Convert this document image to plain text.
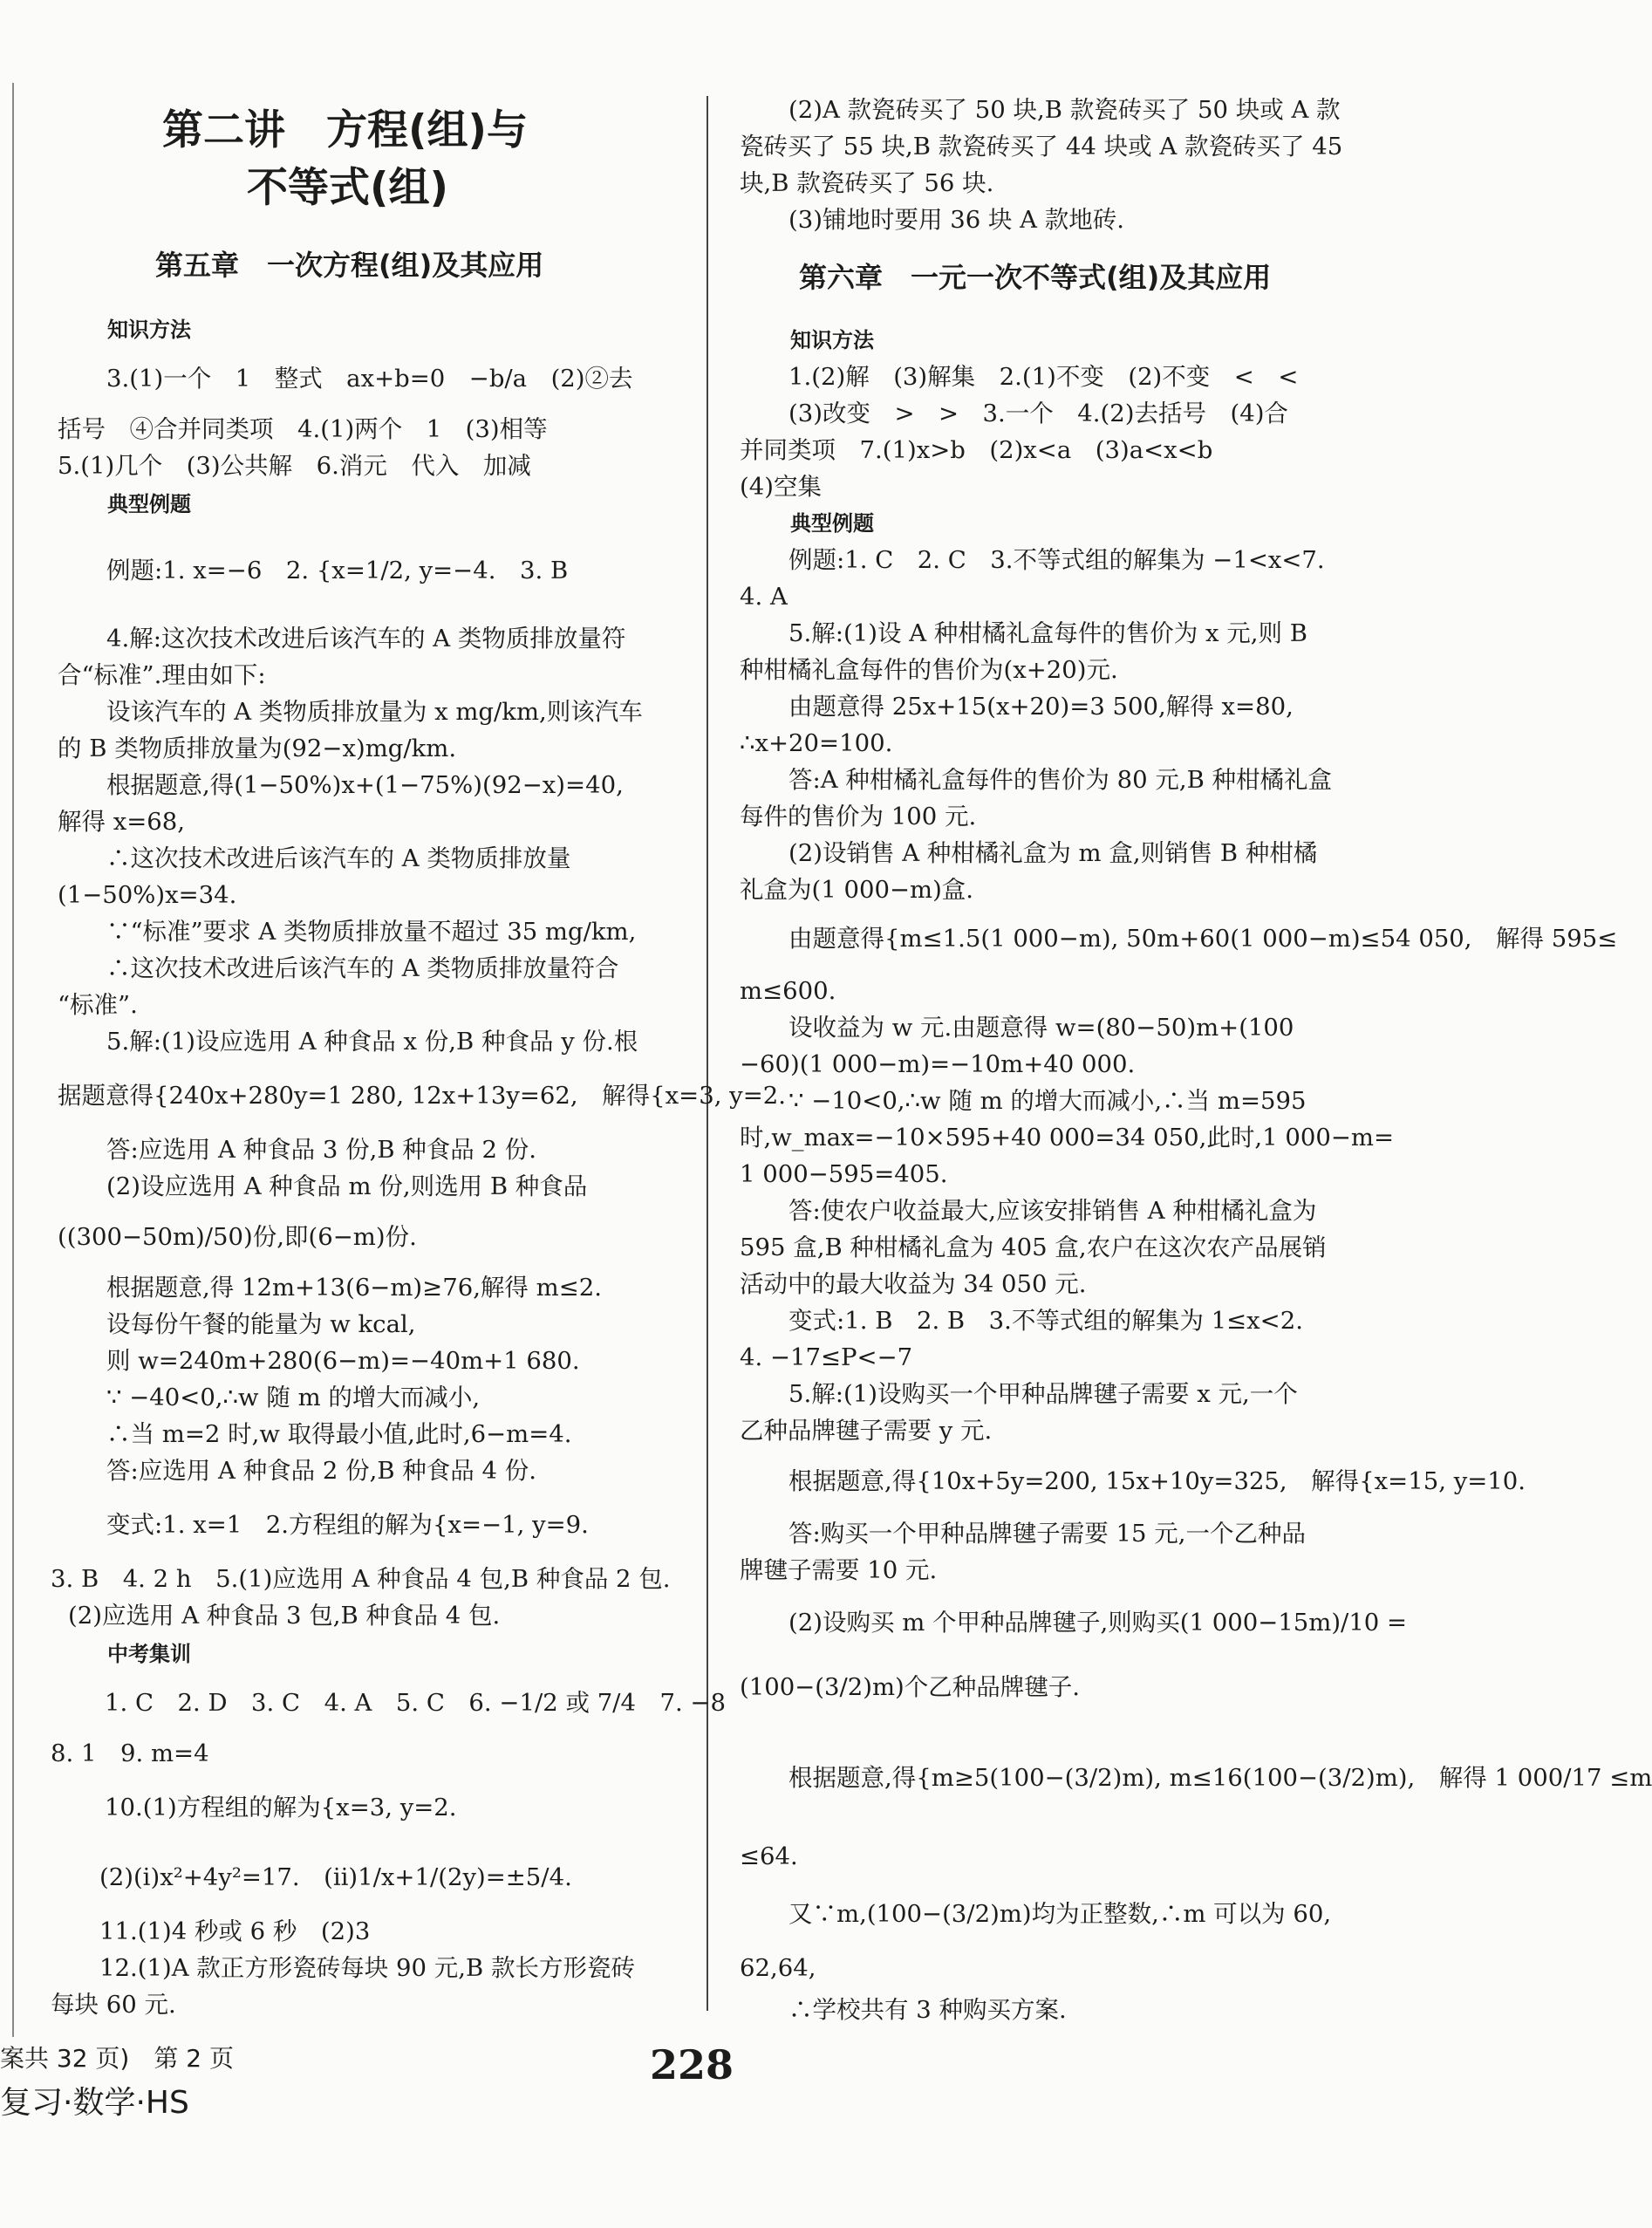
第二讲　方程(组)与
不等式(组)
第五章　一次方程(组)及其应用
知识方法
3.(1)一个　1　整式　ax+b=0　−b/a　(2)②去
括号　④合并同类项　4.(1)两个　1　(3)相等
5.(1)几个　(3)公共解　6.消元　代入　加减
典型例题
例题:1. x=−6　2. {x=1/2, y=−4.　3. B
4.解:这次技术改进后该汽车的 A 类物质排放量符
合“标准”.理由如下:
设该汽车的 A 类物质排放量为 x mg/km,则该汽车
的 B 类物质排放量为(92−x)mg/km.
根据题意,得(1−50%)x+(1−75%)(92−x)=40,
解得 x=68,
∴这次技术改进后该汽车的 A 类物质排放量
(1−50%)x=34.
∵“标准”要求 A 类物质排放量不超过 35 mg/km,
∴这次技术改进后该汽车的 A 类物质排放量符合
“标准”.
5.解:(1)设应选用 A 种食品 x 份,B 种食品 y 份.根
据题意得{240x+280y=1 280, 12x+13y=62,　解得{x=3, y=2.
答:应选用 A 种食品 3 份,B 种食品 2 份.
(2)设应选用 A 种食品 m 份,则选用 B 种食品
((300−50m)/50)份,即(6−m)份.
根据题意,得 12m+13(6−m)≥76,解得 m≤2.
设每份午餐的能量为 w kcal,
则 w=240m+280(6−m)=−40m+1 680.
∵ −40<0,∴w 随 m 的增大而减小,
∴当 m=2 时,w 取得最小值,此时,6−m=4.
答:应选用 A 种食品 2 份,B 种食品 4 份.
变式:1. x=1　2.方程组的解为{x=−1, y=9.
3. B　4. 2 h　5.(1)应选用 A 种食品 4 包,B 种食品 2 包.
(2)应选用 A 种食品 3 包,B 种食品 4 包.
中考集训
1. C　2. D　3. C　4. A　5. C　6. −1/2 或 7/4　7. −8
8. 1　9. m=4
10.(1)方程组的解为{x=3, y=2.
(2)(ⅰ)x²+4y²=17.　(ⅱ)1/x+1/(2y)=±5/4.
11.(1)4 秒或 6 秒　(2)3
12.(1)A 款正方形瓷砖每块 90 元,B 款长方形瓷砖
每块 60 元.
(2)A 款瓷砖买了 50 块,B 款瓷砖买了 50 块或 A 款
瓷砖买了 55 块,B 款瓷砖买了 44 块或 A 款瓷砖买了 45
块,B 款瓷砖买了 56 块.
(3)铺地时要用 36 块 A 款地砖.
第六章　一元一次不等式(组)及其应用
知识方法
1.(2)解　(3)解集　2.(1)不变　(2)不变　<　<
(3)改变　>　>　3.一个　4.(2)去括号　(4)合
并同类项　7.(1)x>b　(2)x<a　(3)a<x<b
(4)空集
典型例题
例题:1. C　2. C　3.不等式组的解集为 −1<x<7.
4. A
5.解:(1)设 A 种柑橘礼盒每件的售价为 x 元,则 B
种柑橘礼盒每件的售价为(x+20)元.
由题意得 25x+15(x+20)=3 500,解得 x=80,
∴x+20=100.
答:A 种柑橘礼盒每件的售价为 80 元,B 种柑橘礼盒
每件的售价为 100 元.
(2)设销售 A 种柑橘礼盒为 m 盒,则销售 B 种柑橘
礼盒为(1 000−m)盒.
由题意得{m≤1.5(1 000−m), 50m+60(1 000−m)≤54 050,　解得 595≤
m≤600.
设收益为 w 元.由题意得 w=(80−50)m+(100
−60)(1 000−m)=−10m+40 000.
∵ −10<0,∴w 随 m 的增大而减小,∴当 m=595
时,w_max=−10×595+40 000=34 050,此时,1 000−m=
1 000−595=405.
答:使农户收益最大,应该安排销售 A 种柑橘礼盒为
595 盒,B 种柑橘礼盒为 405 盒,农户在这次农产品展销
活动中的最大收益为 34 050 元.
变式:1. B　2. B　3.不等式组的解集为 1≤x<2.
4. −17≤P<−7
5.解:(1)设购买一个甲种品牌毽子需要 x 元,一个
乙种品牌毽子需要 y 元.
根据题意,得{10x+5y=200, 15x+10y=325,　解得{x=15, y=10.
答:购买一个甲种品牌毽子需要 15 元,一个乙种品
牌毽子需要 10 元.
(2)设购买 m 个甲种品牌毽子,则购买(1 000−15m)/10 =
(100−(3/2)m)个乙种品牌毽子.
根据题意,得{m≥5(100−(3/2)m), m≤16(100−(3/2)m),　解得 1 000/17 ≤m
≤64.
又∵m,(100−(3/2)m)均为正整数,∴m 可以为 60,
62,64,
∴学校共有 3 种购买方案.
案共 32 页)　第 2 页
复习·数学·HS
228
